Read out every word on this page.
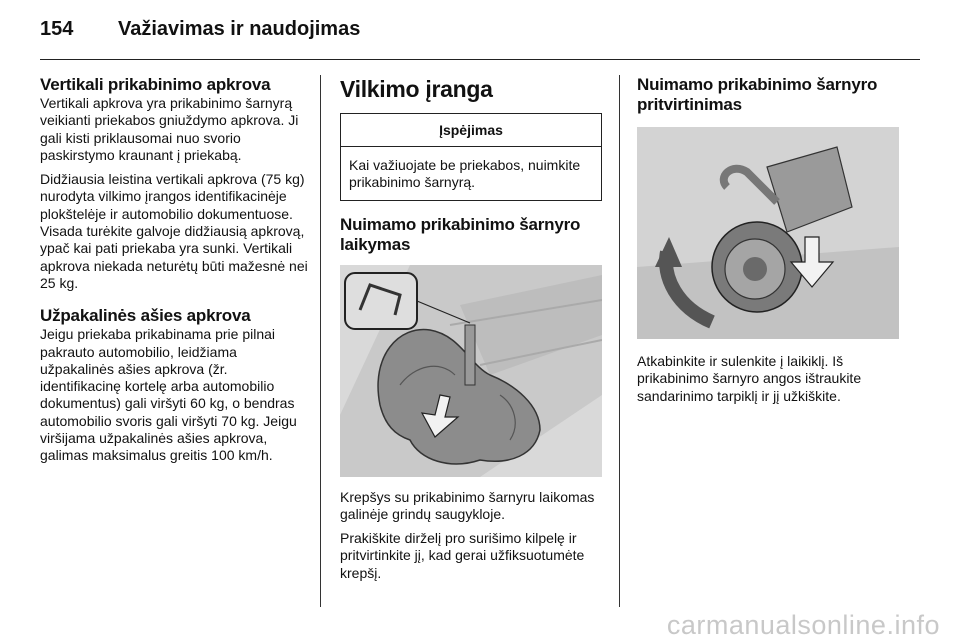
154 Važiavimas ir naudojimas
Vertikali prikabinimo apkrova

Vertikali apkrova yra prikabinimo šarnyrą veikianti priekabos gniuždymo apkrova. Ji gali kisti priklausomai nuo svorio paskirstymo kraunant į priekabą.

Didžiausia leistina vertikali apkrova (75 kg) nurodyta vilkimo įrangos identifikacinėje plokštelėje ir automobilio dokumentuose. Visada turėkite galvoje didžiausią apkrovą, ypač kai pati priekaba yra sunki. Vertikali apkrova niekada neturėtų būti mažesnė nei 25 kg.

Užpakalinės ašies apkrova

Jeigu priekaba prikabinama prie pilnai pakrauto automobilio, leidžiama užpakalinės ašies apkrova (žr. identifikacinę kortelę arba automobilio dokumentus) gali viršyti 60 kg, o bendras automobilio svoris gali viršyti 70 kg. Jeigu viršijama užpakalinės ašies apkrova, galimas maksimalus greitis 100 km/h.

Vilkimo įranga
Įspėjimas
Kai važiuojate be priekabos, nuimkite prikabinimo šarnyrą.
Nuimamo prikabinimo šarnyro laikymas

Krepšys su prikabinimo šarnyru laikomas galinėje grindų saugykloje.

Prakiškite dirželį pro surišimo kilpelę ir pritvirtinkite jį, kad gerai užfiksuotumėte krepšį.

Nuimamo prikabinimo šarnyro pritvirtinimas

Atkabinkite ir sulenkite į laikiklį. Iš prikabinimo šarnyro angos ištraukite sandarinimo tarpiklį ir jį užkiškite.

carmanualsonline.info
